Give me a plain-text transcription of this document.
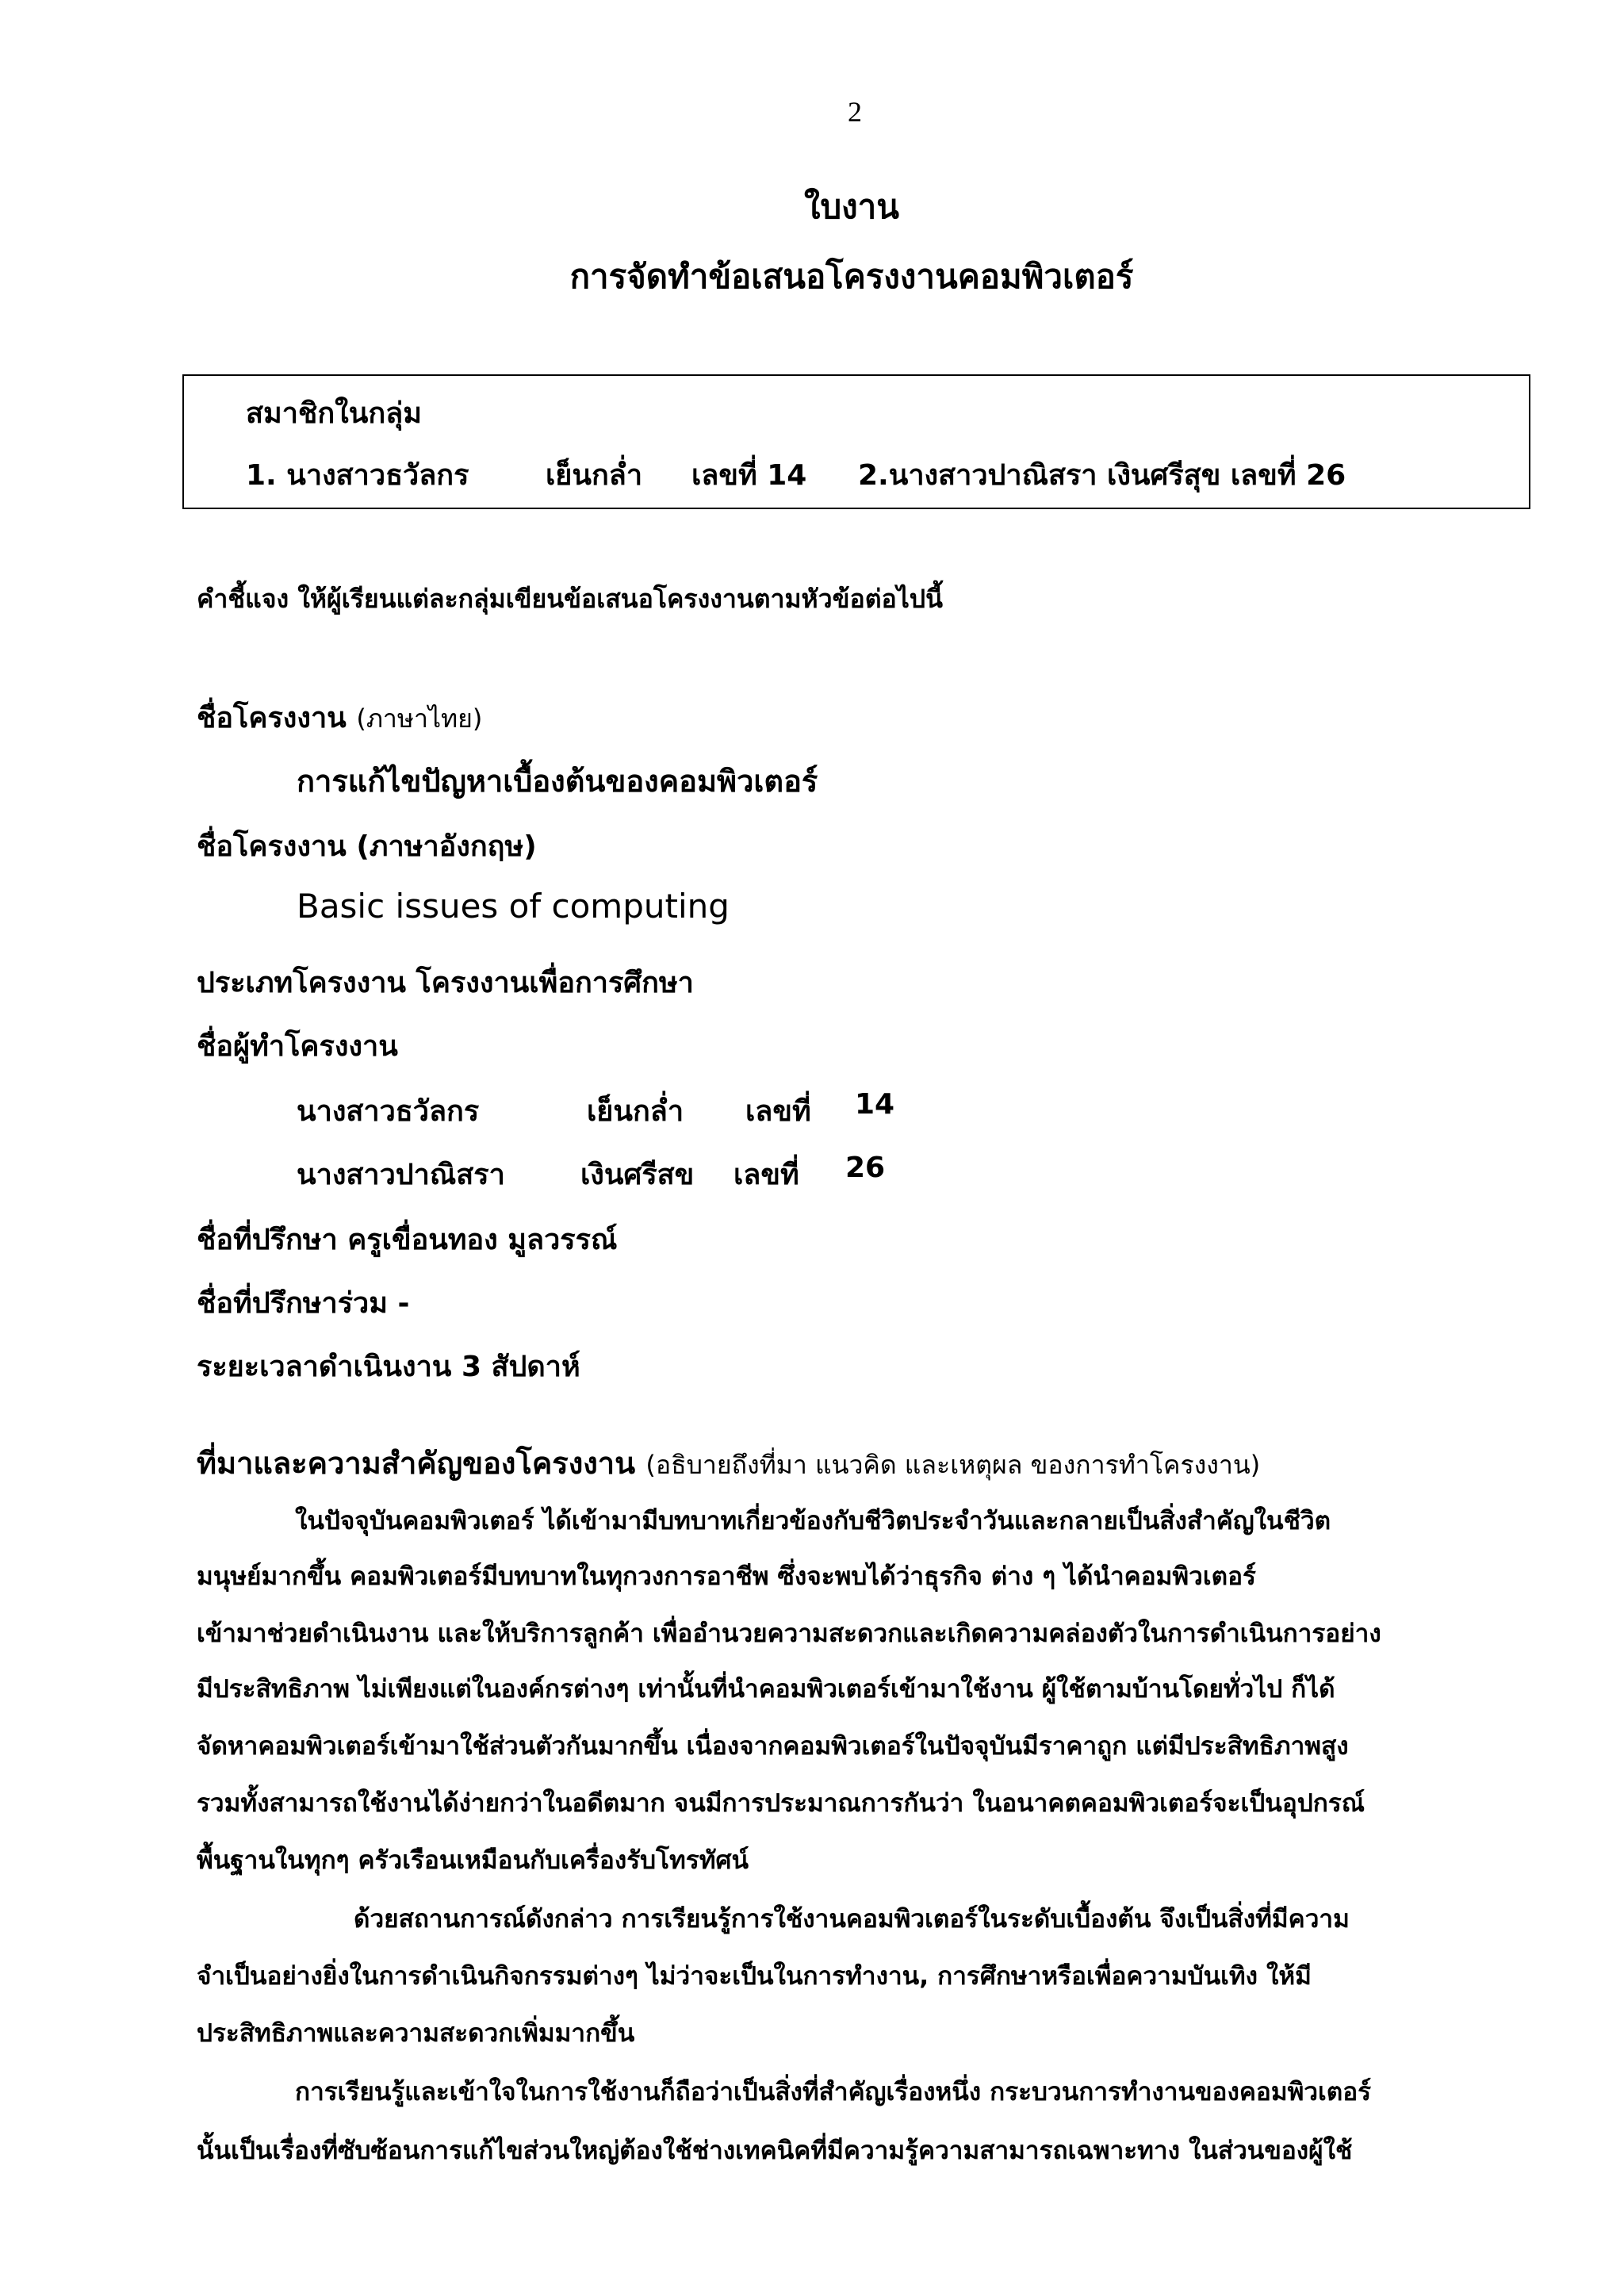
2
ใบงาน
การจัดทำข้อเสนอโครงงานคอมพิวเตอร์
สมาชิกในกลุ่ม
1. นางสาวธวัลกร	เย็นกล่ำ เลขที่ 14 2.นางสาวปาณิสรา เงินศรีสุข เลขที่ 26
คำชี้แจง ให้ผู้เรียนแต่ละกลุ่มเขียนข้อเสนอโครงงานตามหัวข้อต่อไปนี้
ชื่อโครงงาน (ภาษาไทย)
การแก้ไขปัญหาเบื้องต้นของคอมพิวเตอร์
ชื่อโครงงาน (ภาษาอังกฤษ)
Basic issues of computing
ประเภทโครงงาน โครงงานเพื่อการศึกษา
ชื่อผู้ทำโครงงาน
นางสาวธวัลกร	เย็นกล่ำ เลขที่ 14
นางสาวปาณิสรา	เงินศรีสข เลขที่ 26
ชื่อที่ปรึกษา ครูเขื่อนทอง มูลวรรณ์
ชื่อที่ปรึกษาร่วม -
ระยะเวลาดำเนินงาน 3 สัปดาห์
ที่มาและความสำคัญของโครงงาน (อธิบายถึงที่มา แนวคิด และเหตุผล ของการทำโครงงาน)
ในปัจจุบันคอมพิวเตอร์ ได้เข้ามามีบทบาทเกี่ยวข้องกับชีวิตประจำวันและกลายเป็นสิ่งสำคัญในชีวิต
มนุษย์มากขึ้น คอมพิวเตอร์มีบทบาทในทุกวงการอาชีพ ซึ่งจะพบได้ว่าธุรกิจ ต่าง ๆ ได้นำคอมพิวเตอร์
เข้ามาช่วยดำเนินงาน และให้บริการลูกค้า เพื่ออำนวยความสะดวกและเกิดความคล่องตัวในการดำเนินการอย่าง
มีประสิทธิภาพ ไม่เพียงแต่ในองค์กรต่างๆ เท่านั้นที่นำคอมพิวเตอร์เข้ามาใช้งาน ผู้ใช้ตามบ้านโดยทั่วไป ก็ได้
จัดหาคอมพิวเตอร์เข้ามาใช้ส่วนตัวกันมากขึ้น เนื่องจากคอมพิวเตอร์ในปัจจุบันมีราคาถูก แต่มีประสิทธิภาพสูง
รวมทั้งสามารถใช้งานได้ง่ายกว่าในอดีตมาก จนมีการประมาณการกันว่า ในอนาคตคอมพิวเตอร์จะเป็นอุปกรณ์
พื้นฐานในทุกๆ ครัวเรือนเหมือนกับเครื่องรับโทรทัศน์
ด้วยสถานการณ์ดังกล่าว การเรียนรู้การใช้งานคอมพิวเตอร์ในระดับเบื้องต้น จึงเป็นสิ่งที่มีความ
จำเป็นอย่างยิ่งในการดำเนินกิจกรรมต่างๆ ไม่ว่าจะเป็นในการทำงาน, การศึกษาหรือเพื่อความบันเทิง ให้มี
ประสิทธิภาพและความสะดวกเพิ่มมากขึ้น
การเรียนรู้และเข้าใจในการใช้งานก็ถือว่าเป็นสิ่งที่สำคัญเรื่องหนึ่ง กระบวนการทำงานของคอมพิวเตอร์
นั้นเป็นเรื่องที่ซับซ้อนการแก้ไขส่วนใหญ่ต้องใช้ช่างเทคนิคที่มีความรู้ความสามารถเฉพาะทาง ในส่วนของผู้ใช้
